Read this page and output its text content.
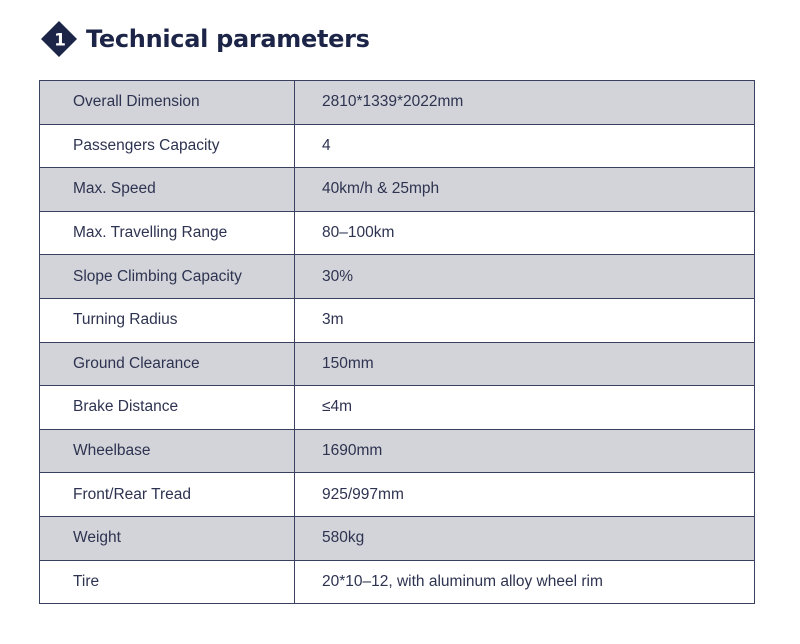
1 Technical parameters
Overall Dimension	2810*1339*2022mm
Passengers Capacity	4
Max. Speed	40km/h & 25mph
Max. Travelling Range	80–100km
Slope Climbing Capacity	30%
Turning Radius	3m
Ground Clearance	150mm
Brake Distance	≤4m
Wheelbase	1690mm
Front/Rear Tread	925/997mm
Weight	580kg
Tire	20*10–12, with aluminum alloy wheel rim
